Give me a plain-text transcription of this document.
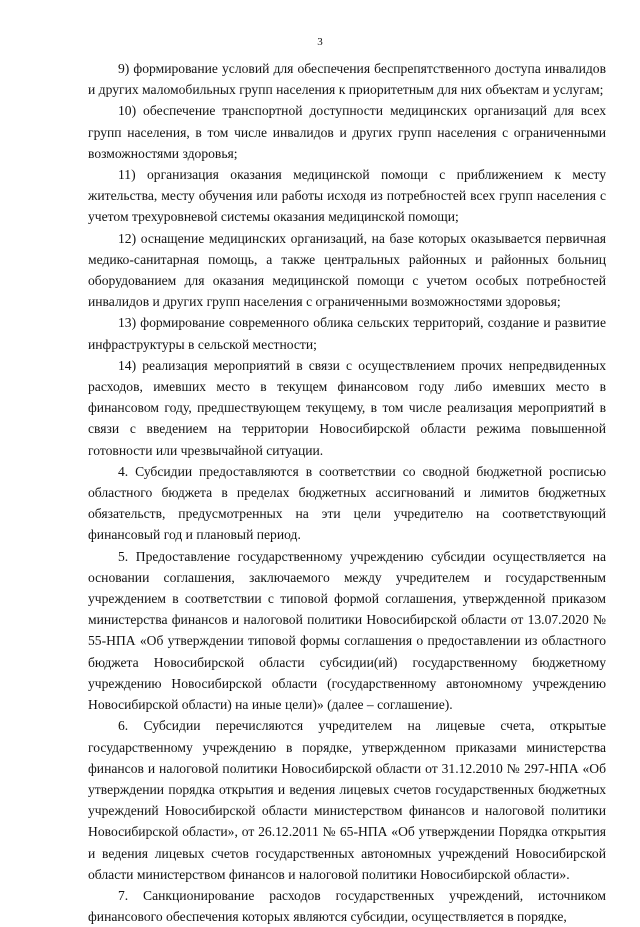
3

9) формирование условий для обеспечения беспрепятственного доступа инвалидов и других маломобильных групп населения к приоритетным для них объектам и услугам;

10) обеспечение транспортной доступности медицинских организаций для всех групп населения, в том числе инвалидов и других групп населения с ограниченными возможностями здоровья;

11) организация оказания медицинской помощи с приближением к месту жительства, месту обучения или работы исходя из потребностей всех групп населения с учетом трехуровневой системы оказания медицинской помощи;

12) оснащение медицинских организаций, на базе которых оказывается первичная медико-санитарная помощь, а также центральных районных и районных больниц оборудованием для оказания медицинской помощи с учетом особых потребностей инвалидов и других групп населения с ограниченными возможностями здоровья;

13) формирование современного облика сельских территорий, создание и развитие инфраструктуры в сельской местности;

14) реализация мероприятий в связи с осуществлением прочих непредвиденных расходов, имевших место в текущем финансовом году либо имевших место в финансовом году, предшествующем текущему, в том числе реализация мероприятий в связи с введением на территории Новосибирской области режима повышенной готовности или чрезвычайной ситуации.

4. Субсидии предоставляются в соответствии со сводной бюджетной росписью областного бюджета в пределах бюджетных ассигнований и лимитов бюджетных обязательств, предусмотренных на эти цели учредителю на соответствующий финансовый год и плановый период.

5. Предоставление государственному учреждению субсидии осуществляется на основании соглашения, заключаемого между учредителем и государственным учреждением в соответствии с типовой формой соглашения, утвержденной приказом министерства финансов и налоговой политики Новосибирской области от 13.07.2020 № 55-НПА «Об утверждении типовой формы соглашения о предоставлении из областного бюджета Новосибирской области субсидии(ий) государственному бюджетному учреждению Новосибирской области (государственному автономному учреждению Новосибирской области) на иные цели)» (далее – соглашение).

6. Субсидии перечисляются учредителем на лицевые счета, открытые государственному учреждению в порядке, утвержденном приказами министерства финансов и налоговой политики Новосибирской области от 31.12.2010 № 297-НПА «Об утверждении порядка открытия и ведения лицевых счетов государственных бюджетных учреждений Новосибирской области министерством финансов и налоговой политики Новосибирской области», от 26.12.2011 № 65-НПА «Об утверждении Порядка открытия и ведения лицевых счетов государственных автономных учреждений Новосибирской области министерством финансов и налоговой политики Новосибирской области».

7. Санкционирование расходов государственных учреждений, источником финансового обеспечения которых являются субсидии, осуществляется в порядке,
